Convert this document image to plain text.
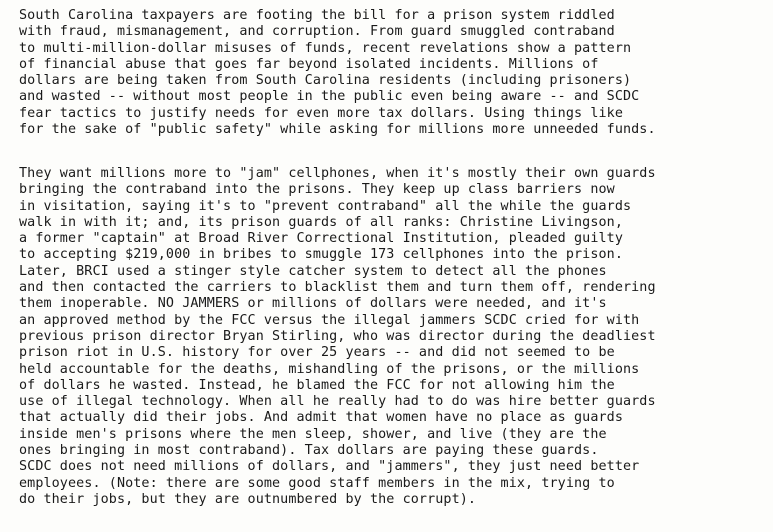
South Carolina taxpayers are footing the bill for a prison system riddled
with fraud, mismanagement, and corruption. From guard smuggled contraband
to multi-million-dollar misuses of funds, recent revelations show a pattern
of financial abuse that goes far beyond isolated incidents. Millions of
dollars are being taken from South Carolina residents (including prisoners)
and wasted -- without most people in the public even being aware -- and SCDC
fear tactics to justify needs for even more tax dollars. Using things like
for the sake of "public safety" while asking for millions more unneeded funds.
They want millions more to "jam" cellphones, when it's mostly their own guards
bringing the contraband into the prisons. They keep up class barriers now
in visitation, saying it's to "prevent contraband" all the while the guards
walk in with it; and, its prison guards of all ranks: Christine Livingson,
a former "captain" at Broad River Correctional Institution, pleaded guilty
to accepting $219,000 in bribes to smuggle 173 cellphones into the prison.
Later, BRCI used a stinger style catcher system to detect all the phones
and then contacted the carriers to blacklist them and turn them off, rendering
them inoperable. NO JAMMERS or millions of dollars were needed, and it's
an approved method by the FCC versus the illegal jammers SCDC cried for with
previous prison director Bryan Stirling, who was director during the deadliest
prison riot in U.S. history for over 25 years -- and did not seemed to be
held accountable for the deaths, mishandling of the prisons, or the millions
of dollars he wasted. Instead, he blamed the FCC for not allowing him the
use of illegal technology. When all he really had to do was hire better guards
that actually did their jobs. And admit that women have no place as guards
inside men's prisons where the men sleep, shower, and live (they are the
ones bringing in most contraband). Tax dollars are paying these guards.
SCDC does not need millions of dollars, and "jammers", they just need better
employees. (Note: there are some good staff members in the mix, trying to
do their jobs, but they are outnumbered by the corrupt).
